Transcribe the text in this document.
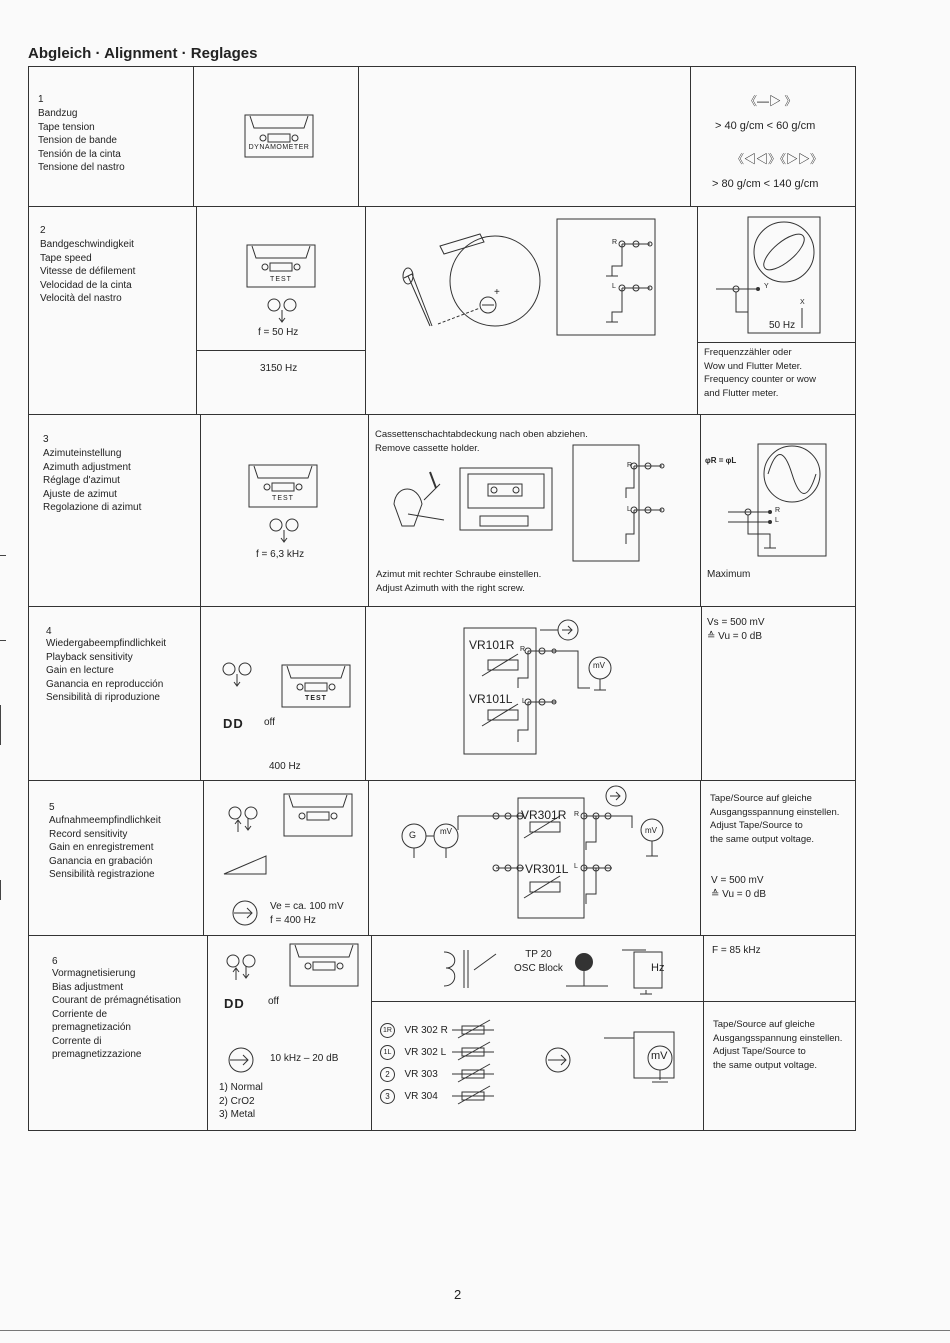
Abgleich · Alignment · Reglages
1
Bandzug
Tape tension
Tension de bande
Tensión de la cinta
Tensione del nastro
DYNAMOMETER
《—▷ 》
> 40 g/cm < 60 g/cm
《◁◁》《▷▷》
> 80 g/cm < 140 g/cm
2
Bandgeschwindigkeit
Tape speed
Vitesse de défilement
Velocidad de la cinta
Velocità del nastro
TEST
f = 50 Hz
3150 Hz
+
R
L	Y
X
50 Hz
Frequenzzähler oder
Wow und Flutter Meter.
Frequency counter or wow
and Flutter meter.
3
Azimuteinstellung
Azimuth adjustment
Réglage d'azimut
Ajuste de azimut
Regolazione di azimut
TEST
f = 6,3 kHz
Cassettenschachtabdeckung nach oben abziehen.
Remove cassette holder.
R
L
Azimut mit rechter Schraube einstellen.
Adjust Azimuth with the right screw.
φR = φL
R
L
Maximum
4
Wiedergabeempfindlichkeit
Playback sensitivity
Gain en lecture
Ganancia en reproducción
Sensibilità di riproduzione	TEST
DD off
400 Hz
VR101R
VR101L
R
L
mV
Vs = 500 mV
≙ Vu = 0 dB
5
Aufnahmeempfindlichkeit
Record sensitivity
Gain en enregistrement
Ganancia en grabación
Sensibilità registrazione
Ve = ca. 100 mV
f = 400 Hz
G	mV
VR301R
VR301L
R
L
mV
Tape/Source auf gleiche
Ausgangsspannung einstellen.
Adjust Tape/Source to
the same output voltage.
V = 500 mV
≙ Vu = 0 dB
6
Vormagnetisierung
Bias adjustment
Courant de prémagnétisation
Corriente de
premagnetización
Corrente di
premagnetizzazione
DD off
10 kHz – 20 dB
1) Normal
2) CrO2
3) Metal
TP 20
OSC Block	Hz
F = 85 kHz
1R VR 302 R
1L VR 302 L
2 VR 303
3 VR 304
mV
Tape/Source auf gleiche
Ausgangsspannung einstellen.
Adjust Tape/Source to
the same output voltage.
2
